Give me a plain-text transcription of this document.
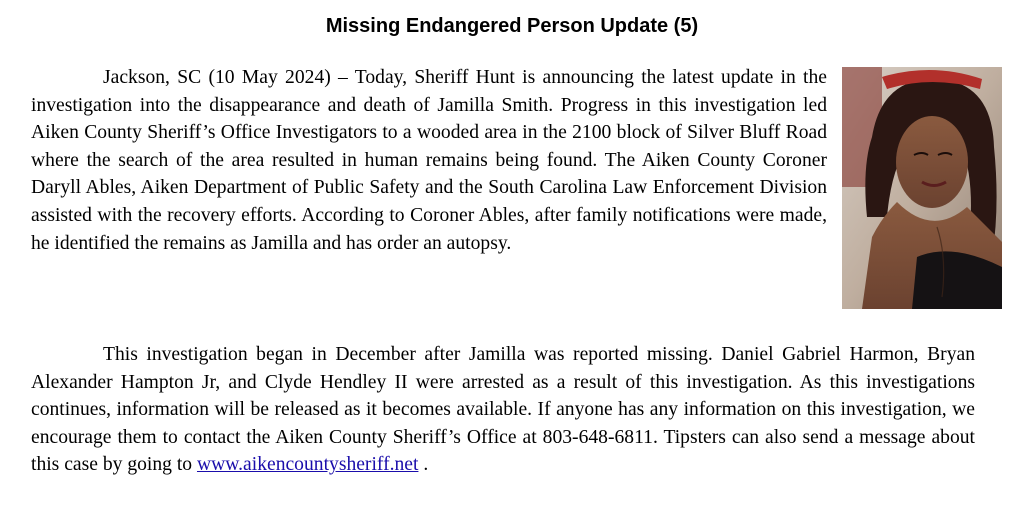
Missing Endangered Person Update (5)

Jackson, SC (10 May 2024) – Today, Sheriff Hunt is announcing the latest update in the investigation into the disappearance and death of Jamilla Smith. Progress in this investigation led Aiken County Sheriff’s Office Investigators to a wooded area in the 2100 block of Silver Bluff Road where the search of the area resulted in human remains being found. The Aiken County Coroner Daryll Ables, Aiken Department of Public Safety and the South Carolina Law Enforcement Division assisted with the recovery efforts. According to Coroner Ables, after family notifications were made, he identified the remains as Jamilla and has order an autopsy.

This investigation began in December after Jamilla was reported missing. Daniel Gabriel Harmon, Bryan Alexander Hampton Jr, and Clyde Hendley II were arrested as a result of this investigation. As this investigations continues, information will be released as it becomes available. If anyone has any information on this investigation, we encourage them to contact the Aiken County Sheriff’s Office at 803-648-6811. Tipsters can also send a message about this case by going to www.aikencountysheriff.net .
